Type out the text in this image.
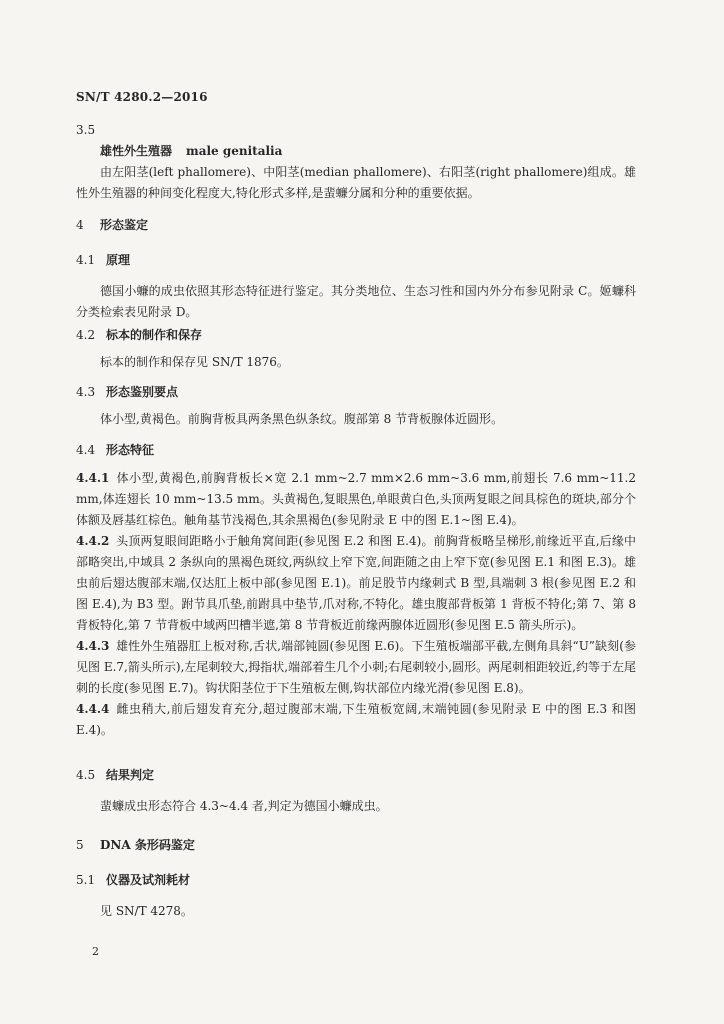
SN/T 4280.2—2016
3.5
雄性外生殖器 male genitalia

由左阳茎(left phallomere)、中阳茎(median phallomere)、右阳茎(right phallomere)组成。雄性外生殖器的种间变化程度大,特化形式多样,是蜚蠊分属和分种的重要依据。

4 形态鉴定
4.1 原理

德国小蠊的成虫依照其形态特征进行鉴定。其分类地位、生态习性和国内外分布参见附录 C。姬蠊科分类检索表见附录 D。

4.2 标本的制作和保存

标本的制作和保存见 SN/T 1876。

4.3 形态鉴别要点

体小型,黄褐色。前胸背板具两条黑色纵条纹。腹部第 8 节背板腺体近圆形。

4.4 形态特征

4.4.1 体小型,黄褐色,前胸背板长×宽 2.1 mm~2.7 mm×2.6 mm~3.6 mm,前翅长 7.6 mm~11.2 mm,体连翅长 10 mm~13.5 mm。头黄褐色,复眼黑色,单眼黄白色,头顶两复眼之间具棕色的斑块,部分个体额及唇基红棕色。触角基节浅褐色,其余黑褐色(参见附录 E 中的图 E.1~图 E.4)。

4.4.2 头顶两复眼间距略小于触角窝间距(参见图 E.2 和图 E.4)。前胸背板略呈梯形,前缘近平直,后缘中部略突出,中域具 2 条纵向的黑褐色斑纹,两纵纹上窄下宽,间距随之由上窄下宽(参见图 E.1 和图 E.3)。雄虫前后翅达腹部末端,仅达肛上板中部(参见图 E.1)。前足股节内缘刺式 B 型,具端刺 3 根(参见图 E.2 和图 E.4),为 B3 型。跗节具爪垫,前跗具中垫节,爪对称,不特化。雄虫腹部背板第 1 背板不特化;第 7、第 8 背板特化,第 7 节背板中域两凹槽半遮,第 8 节背板近前缘两腺体近圆形(参见图 E.5 箭头所示)。

4.4.3 雄性外生殖器肛上板对称,舌状,端部钝圆(参见图 E.6)。下生殖板端部平截,左侧角具斜“U”缺刻(参见图 E.7,箭头所示),左尾刺较大,拇指状,端部着生几个小刺;右尾刺较小,圆形。两尾刺相距较近,约等于左尾刺的长度(参见图 E.7)。钩状阳茎位于下生殖板左侧,钩状部位内缘光滑(参见图 E.8)。

4.4.4 雌虫稍大,前后翅发育充分,超过腹部末端,下生殖板宽阔,末端钝圆(参见附录 E 中的图 E.3 和图 E.4)。

4.5 结果判定

蜚蠊成虫形态符合 4.3~4.4 者,判定为德国小蠊成虫。

5 DNA 条形码鉴定
5.1 仪器及试剂耗材

见 SN/T 4278。

2
